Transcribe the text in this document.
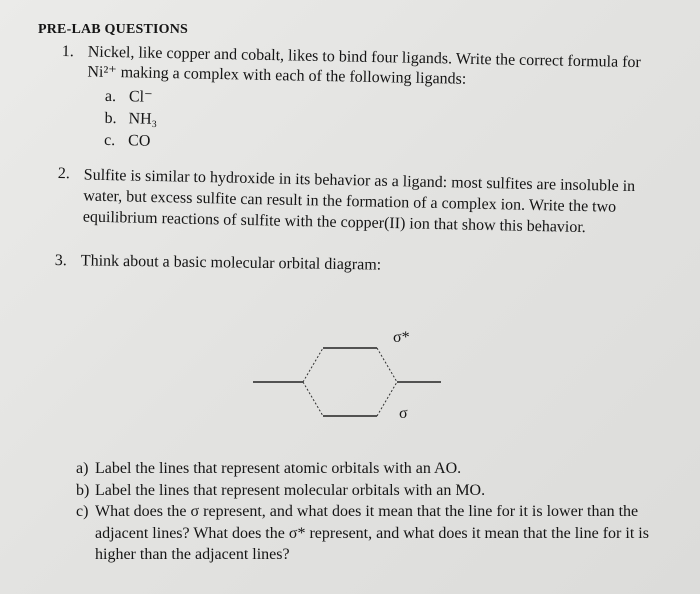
PRE-LAB QUESTIONS
1. Nickel, like copper and cobalt, likes to bind four ligands. Write the correct formula for Ni²⁺ making a complex with each of the following ligands:
a. Cl⁻
b. NH₃
c. CO
2. Sulfite is similar to hydroxide in its behavior as a ligand: most sulfites are insoluble in water, but excess sulfite can result in the formation of a complex ion. Write the two equilibrium reactions of sulfite with the copper(II) ion that show this behavior.
3. Think about a basic molecular orbital diagram:
σ*
σ
a) Label the lines that represent atomic orbitals with an AO.
b) Label the lines that represent molecular orbitals with an MO.
c) What does the σ represent, and what does it mean that the line for it is lower than the adjacent lines? What does the σ* represent, and what does it mean that the line for it is higher than the adjacent lines?
